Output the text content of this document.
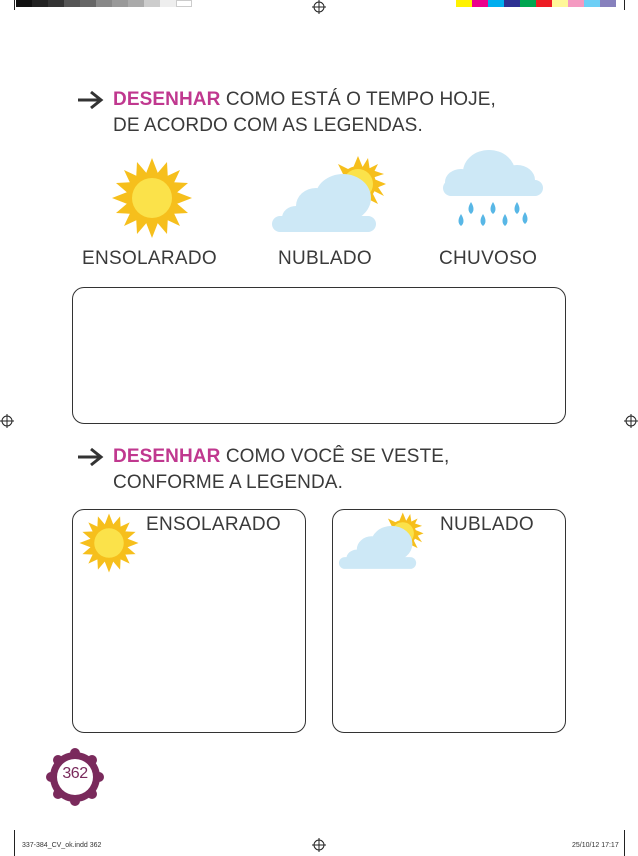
DESENHAR COMO ESTÁ O TEMPO HOJE,
DE ACORDO COM AS LEGENDAS.
ENSOLARADO	NUBLADO	CHUVOSO
DESENHAR COMO VOCÊ SE VESTE,
CONFORME A LEGENDA.
ENSOLARADO	NUBLADO
362
337-384_CV_ok.indd 362	25/10/12 17:17
